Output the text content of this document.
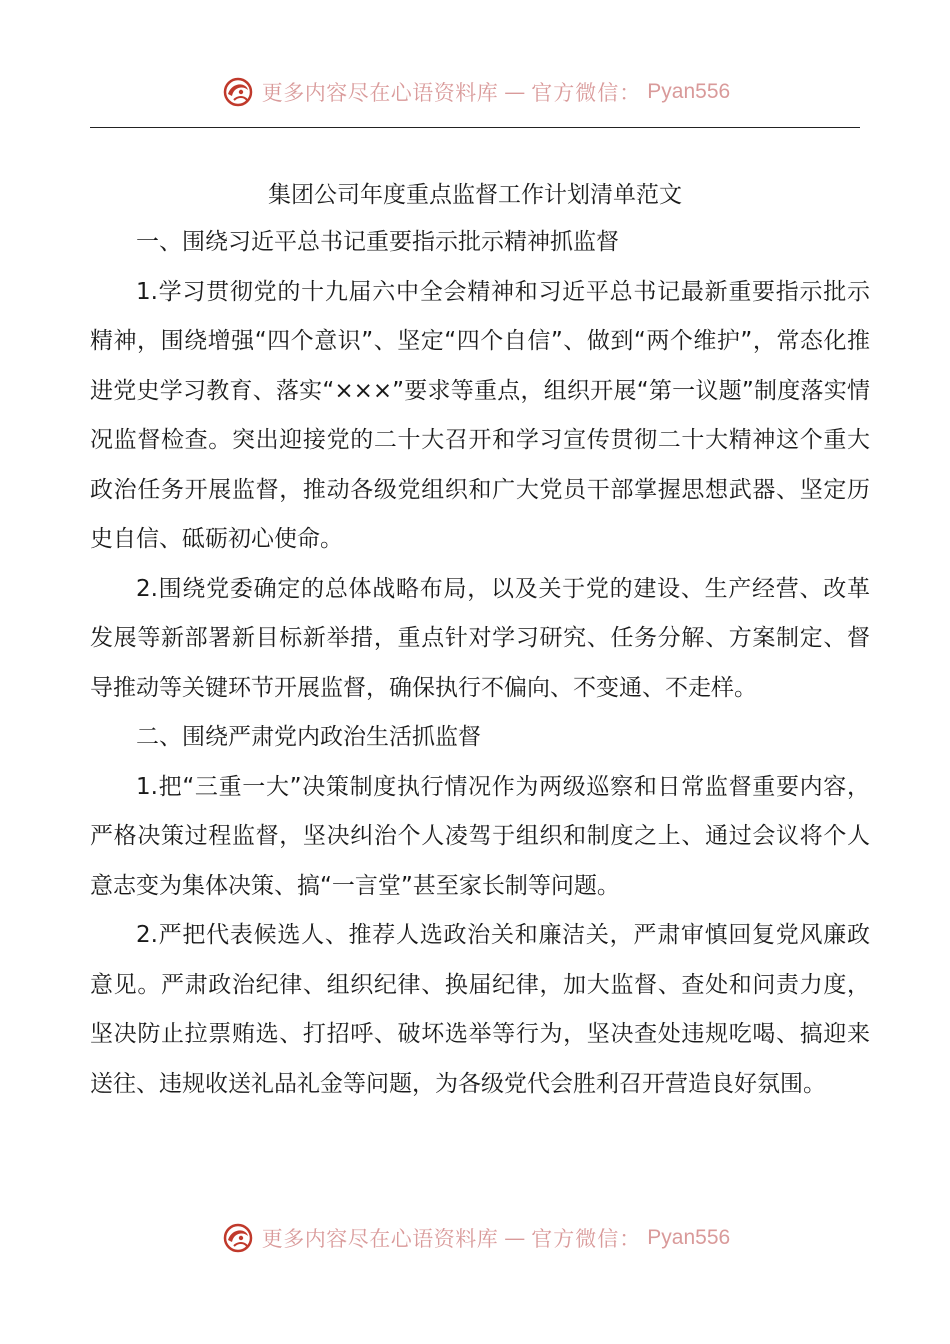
更多内容尽在心语资料库 — 官方微信： Pyan556
集团公司年度重点监督工作计划清单范文
一、围绕习近平总书记重要指示批示精神抓监督

1.学习贯彻党的十九届六中全会精神和习近平总书记最新重要指示批示精神，围绕增强“四个意识”、坚定“四个自信”、做到“两个维护”，常态化推进党史学习教育、落实“×××”要求等重点，组织开展“第一议题”制度落实情况监督检查。突出迎接党的二十大召开和学习宣传贯彻二十大精神这个重大政治任务开展监督，推动各级党组织和广大党员干部掌握思想武器、坚定历史自信、砥砺初心使命。

2.围绕党委确定的总体战略布局，以及关于党的建设、生产经营、改革发展等新部署新目标新举措，重点针对学习研究、任务分解、方案制定、督导推动等关键环节开展监督，确保执行不偏向、不变通、不走样。

二、围绕严肃党内政治生活抓监督

1.把“三重一大”决策制度执行情况作为两级巡察和日常监督重要内容，严格决策过程监督，坚决纠治个人凌驾于组织和制度之上、通过会议将个人意志变为集体决策、搞“一言堂”甚至家长制等问题。

2.严把代表候选人、推荐人选政治关和廉洁关，严肃审慎回复党风廉政意见。严肃政治纪律、组织纪律、换届纪律，加大监督、查处和问责力度，坚决防止拉票贿选、打招呼、破坏选举等行为，坚决查处违规吃喝、搞迎来送往、违规收送礼品礼金等问题，为各级党代会胜利召开营造良好氛围。

更多内容尽在心语资料库 — 官方微信： Pyan556
